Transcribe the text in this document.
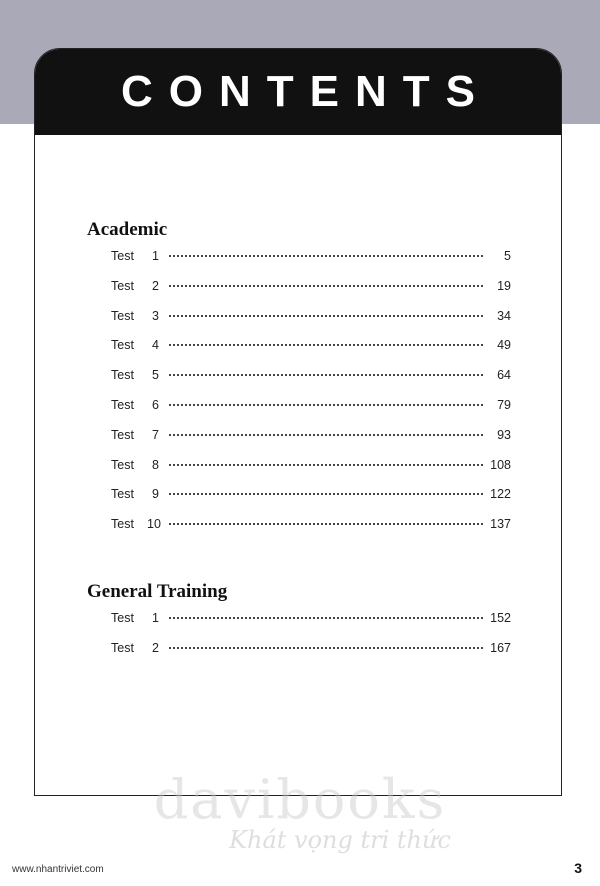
CONTENTS
Academic
Test	1	5
Test	2	19
Test	3	34
Test	4	49
Test	5	64
Test	6	79
Test	7	93
Test	8	108
Test	9	122
Test	10	137
General Training
Test	1	152
Test	2	167
davibooks
Khát vọng tri thức
www.nhantriviet.com	3
